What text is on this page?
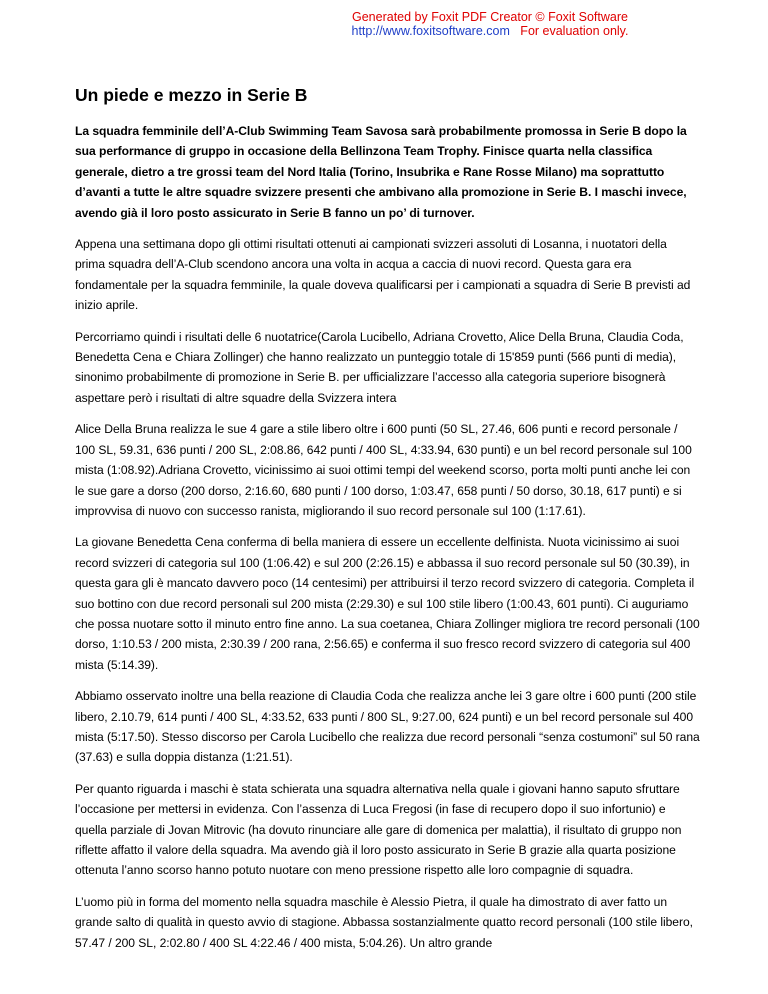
Generated by Foxit PDF Creator © Foxit Software
http://www.foxitsoftware.com   For evaluation only.
Un piede e mezzo in Serie B

La squadra femminile dell’A-Club Swimming Team Savosa sarà probabilmente promossa in Serie B dopo la sua performance di gruppo in occasione della Bellinzona Team Trophy. Finisce quarta nella classifica generale, dietro a tre grossi team del Nord Italia (Torino, Insubrika e Rane Rosse Milano) ma soprattutto d’avanti a tutte le altre squadre svizzere presenti che ambivano alla promozione in Serie B. I maschi invece, avendo già il loro posto assicurato in Serie B fanno un po’ di turnover.

Appena una settimana dopo gli ottimi risultati ottenuti ai campionati svizzeri assoluti di Losanna, i nuotatori della prima squadra dell’A-Club scendono ancora una volta in acqua a caccia di nuovi record. Questa gara era fondamentale per la squadra femminile, la quale doveva qualificarsi per i campionati a squadra di Serie B previsti ad inizio aprile.

Percorriamo quindi i risultati delle 6 nuotatrice(Carola Lucibello, Adriana Crovetto, Alice Della Bruna, Claudia Coda, Benedetta Cena e Chiara Zollinger) che hanno realizzato un punteggio totale di 15'859 punti (566 punti di media), sinonimo probabilmente di promozione in Serie B. per ufficializzare l’accesso alla categoria superiore bisognerà aspettare però i risultati di altre squadre della Svizzera intera

Alice Della Bruna realizza le sue 4 gare a stile libero oltre i 600 punti (50 SL, 27.46, 606 punti e record personale / 100 SL, 59.31, 636 punti / 200 SL, 2:08.86, 642 punti / 400 SL, 4:33.94, 630 punti) e un bel record personale sul 100 mista (1:08.92).Adriana Crovetto, vicinissimo ai suoi ottimi tempi del weekend scorso, porta molti punti anche lei con le sue gare a dorso (200 dorso, 2:16.60, 680 punti / 100 dorso, 1:03.47, 658 punti / 50 dorso, 30.18, 617 punti) e si improvvisa di nuovo con successo ranista, migliorando il suo record personale sul 100 (1:17.61).

La giovane Benedetta Cena conferma di bella maniera di essere un eccellente delfinista. Nuota vicinissimo ai suoi record svizzeri di categoria sul 100 (1:06.42) e sul 200 (2:26.15) e abbassa il suo record personale sul 50 (30.39), in questa gara gli è mancato davvero poco (14 centesimi) per attribuirsi il terzo record svizzero di categoria. Completa il suo bottino con due record personali sul 200 mista (2:29.30) e sul 100 stile libero (1:00.43, 601 punti). Ci auguriamo che possa nuotare sotto il minuto entro fine anno. La sua coetanea, Chiara Zollinger migliora tre record personali (100 dorso, 1:10.53 / 200 mista, 2:30.39 / 200 rana, 2:56.65) e conferma il suo fresco record svizzero di categoria sul 400 mista (5:14.39).

Abbiamo osservato inoltre una bella reazione di Claudia Coda che realizza anche lei 3 gare oltre i 600 punti (200 stile libero, 2.10.79, 614 punti / 400 SL, 4:33.52, 633 punti / 800 SL, 9:27.00, 624 punti) e un bel record personale sul 400 mista (5:17.50). Stesso discorso per Carola Lucibello che realizza due record personali “senza costumoni” sul 50 rana (37.63) e sulla doppia distanza (1:21.51).

Per quanto riguarda i maschi è stata schierata una squadra alternativa nella quale i giovani hanno saputo sfruttare l’occasione per mettersi in evidenza. Con l’assenza di Luca Fregosi (in fase di recupero dopo il suo infortunio) e quella parziale di Jovan Mitrovic (ha dovuto rinunciare alle gare di domenica per malattia), il risultato di gruppo non riflette affatto il valore della squadra. Ma avendo già il loro posto assicurato in Serie B grazie alla quarta posizione ottenuta l’anno scorso hanno potuto nuotare con meno pressione rispetto alle loro compagnie di squadra.

L’uomo più in forma del momento nella squadra maschile è Alessio Pietra, il quale ha dimostrato di aver fatto un grande salto di qualità in questo avvio di stagione. Abbassa sostanzialmente quatto record personali (100 stile libero, 57.47 / 200 SL, 2:02.80 / 400 SL 4:22.46 / 400 mista, 5:04.26). Un altro grande
